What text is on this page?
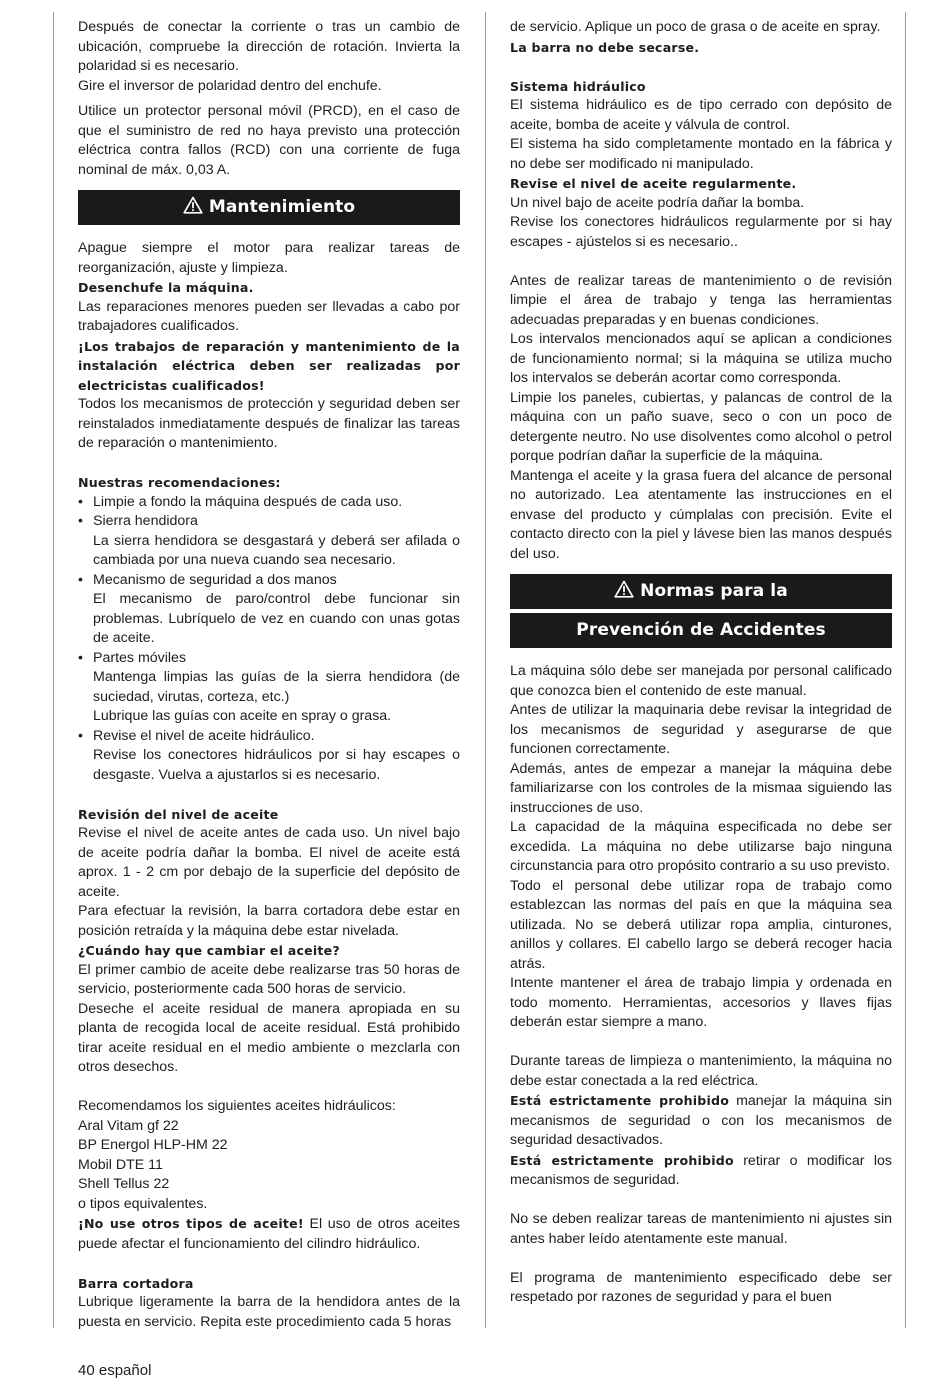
Después de conectar la corriente o tras un cambio de ubicación, compruebe la dirección de rotación. Invierta la polaridad si es necesario.

Gire el inversor de polaridad dentro del enchufe.

Utilice un protector personal móvil (PRCD), en el caso de que el suministro de red no haya previsto una protección eléctrica contra fallos (RCD) con una corriente de fuga nominal de máx. 0,03 A.

Mantenimiento

Apague siempre el motor para realizar tareas de reorganización, ajuste y limpieza.

Desenchufe la máquina.

Las reparaciones menores pueden ser llevadas a cabo por trabajadores cualificados.

¡Los trabajos de reparación y mantenimiento de la instalación eléctrica deben ser realizadas por electricistas cualificados!

Todos los mecanismos de protección y seguridad deben ser reinstalados inmediatamente después de finalizar las tareas de reparación o mantenimiento.

Nuestras recomendaciones:

• Limpie a fondo la máquina después de cada uso.
• Sierra hendidora
La sierra hendidora se desgastará y deberá ser afilada o cambiada por una nueva cuando sea necesario.
• Mecanismo de seguridad a dos manos
El mecanismo de paro/control debe funcionar sin problemas. Lubríquelo de vez en cuando con unas gotas de aceite.
• Partes móviles
Mantenga limpias las guías de la sierra hendidora (de suciedad, virutas, corteza, etc.)
Lubrique las guías con aceite en spray o grasa.
• Revise el nivel de aceite hidráulico.
Revise los conectores hidráulicos por si hay escapes o desgaste. Vuelva a ajustarlos si es necesario.

Revisión del nivel de aceite

Revise el nivel de aceite antes de cada uso. Un nivel bajo de aceite podría dañar la bomba. El nivel de aceite está aprox. 1 - 2 cm por debajo de la superficie del depósito de aceite.

Para efectuar la revisión, la barra cortadora debe estar en posición retraída y la máquina debe estar nivelada.

¿Cuándo hay que cambiar el aceite?

El primer cambio de aceite debe realizarse tras 50 horas de servicio, posteriormente cada 500 horas de servicio.

Deseche el aceite residual de manera apropiada en su planta de recogida local de aceite residual. Está prohibido tirar aceite residual en el medio ambiente o mezclarla con otros desechos.

Recomendamos los siguientes aceites hidráulicos:

Aral Vitam gf 22

BP Energol HLP-HM 22

Mobil DTE 11

Shell Tellus 22

o tipos equivalentes.

¡No use otros tipos de aceite! El uso de otros aceites puede afectar el funcionamiento del cilindro hidráulico.

Barra cortadora

Lubrique ligeramente la barra de la hendidora antes de la puesta en servicio. Repita este procedimiento cada 5 horas

de servicio. Aplique un poco de grasa o de aceite en spray.

La barra no debe secarse.

Sistema hidráulico

El sistema hidráulico es de tipo cerrado con depósito de aceite, bomba de aceite y válvula de control.

El sistema ha sido completamente montado en la fábrica y no debe ser modificado ni manipulado.

Revise el nivel de aceite regularmente.

Un nivel bajo de aceite podría dañar la bomba.

Revise los conectores hidráulicos regularmente por si hay escapes - ajústelos si es necesario..

Antes de realizar tareas de mantenimiento o de revisión limpie el área de trabajo y tenga las herramientas adecuadas preparadas y en buenas condiciones.

Los intervalos mencionados aquí se aplican a condiciones de funcionamiento normal; si la máquina se utiliza mucho los intervalos se deberán acortar como corresponda.

Limpie los paneles, cubiertas, y palancas de control de la máquina con un paño suave, seco o con un poco de detergente neutro. No use disolventes como alcohol o petrol porque podrían dañar la superficie de la máquina.

Mantenga el aceite y la grasa fuera del alcance de personal no autorizado. Lea atentamente las instrucciones en el envase del producto y cúmplalas con precisión. Evite el contacto directo con la piel y lávese bien las manos después del uso.

Normas para la
Prevención de Accidentes

La máquina sólo debe ser manejada por personal calificado que conozca bien el contenido de este manual.

Antes de utilizar la maquinaria debe revisar la integridad de los mecanismos de seguridad y asegurarse de que funcionen correctamente.

Además, antes de empezar a manejar la máquina debe familiarizarse con los controles de la mismaa siguiendo las instrucciones de uso.

La capacidad de la máquina especificada no debe ser excedida. La máquina no debe utilizarse bajo ninguna circunstancia para otro propósito contrario a su uso previsto.

Todo el personal debe utilizar ropa de trabajo como establezcan las normas del país en que la máquina sea utilizada. No se deberá utilizar ropa amplia, cinturones, anillos y collares. El cabello largo se deberá recoger hacia atrás.

Intente mantener el área de trabajo limpia y ordenada en todo momento. Herramientas, accesorios y llaves fijas deberán estar siempre a mano.

Durante tareas de limpieza o mantenimiento, la máquina no debe estar conectada a la red eléctrica.

Está estrictamente prohibido manejar la máquina sin mecanismos de seguridad o con los mecanismos de seguridad desactivados.

Está estrictamente prohibido retirar o modificar los mecanismos de seguridad.

No se deben realizar tareas de mantenimiento ni ajustes sin antes haber leído atentamente este manual.

El programa de mantenimiento especificado debe ser respetado por razones de seguridad y para el buen

40 español
